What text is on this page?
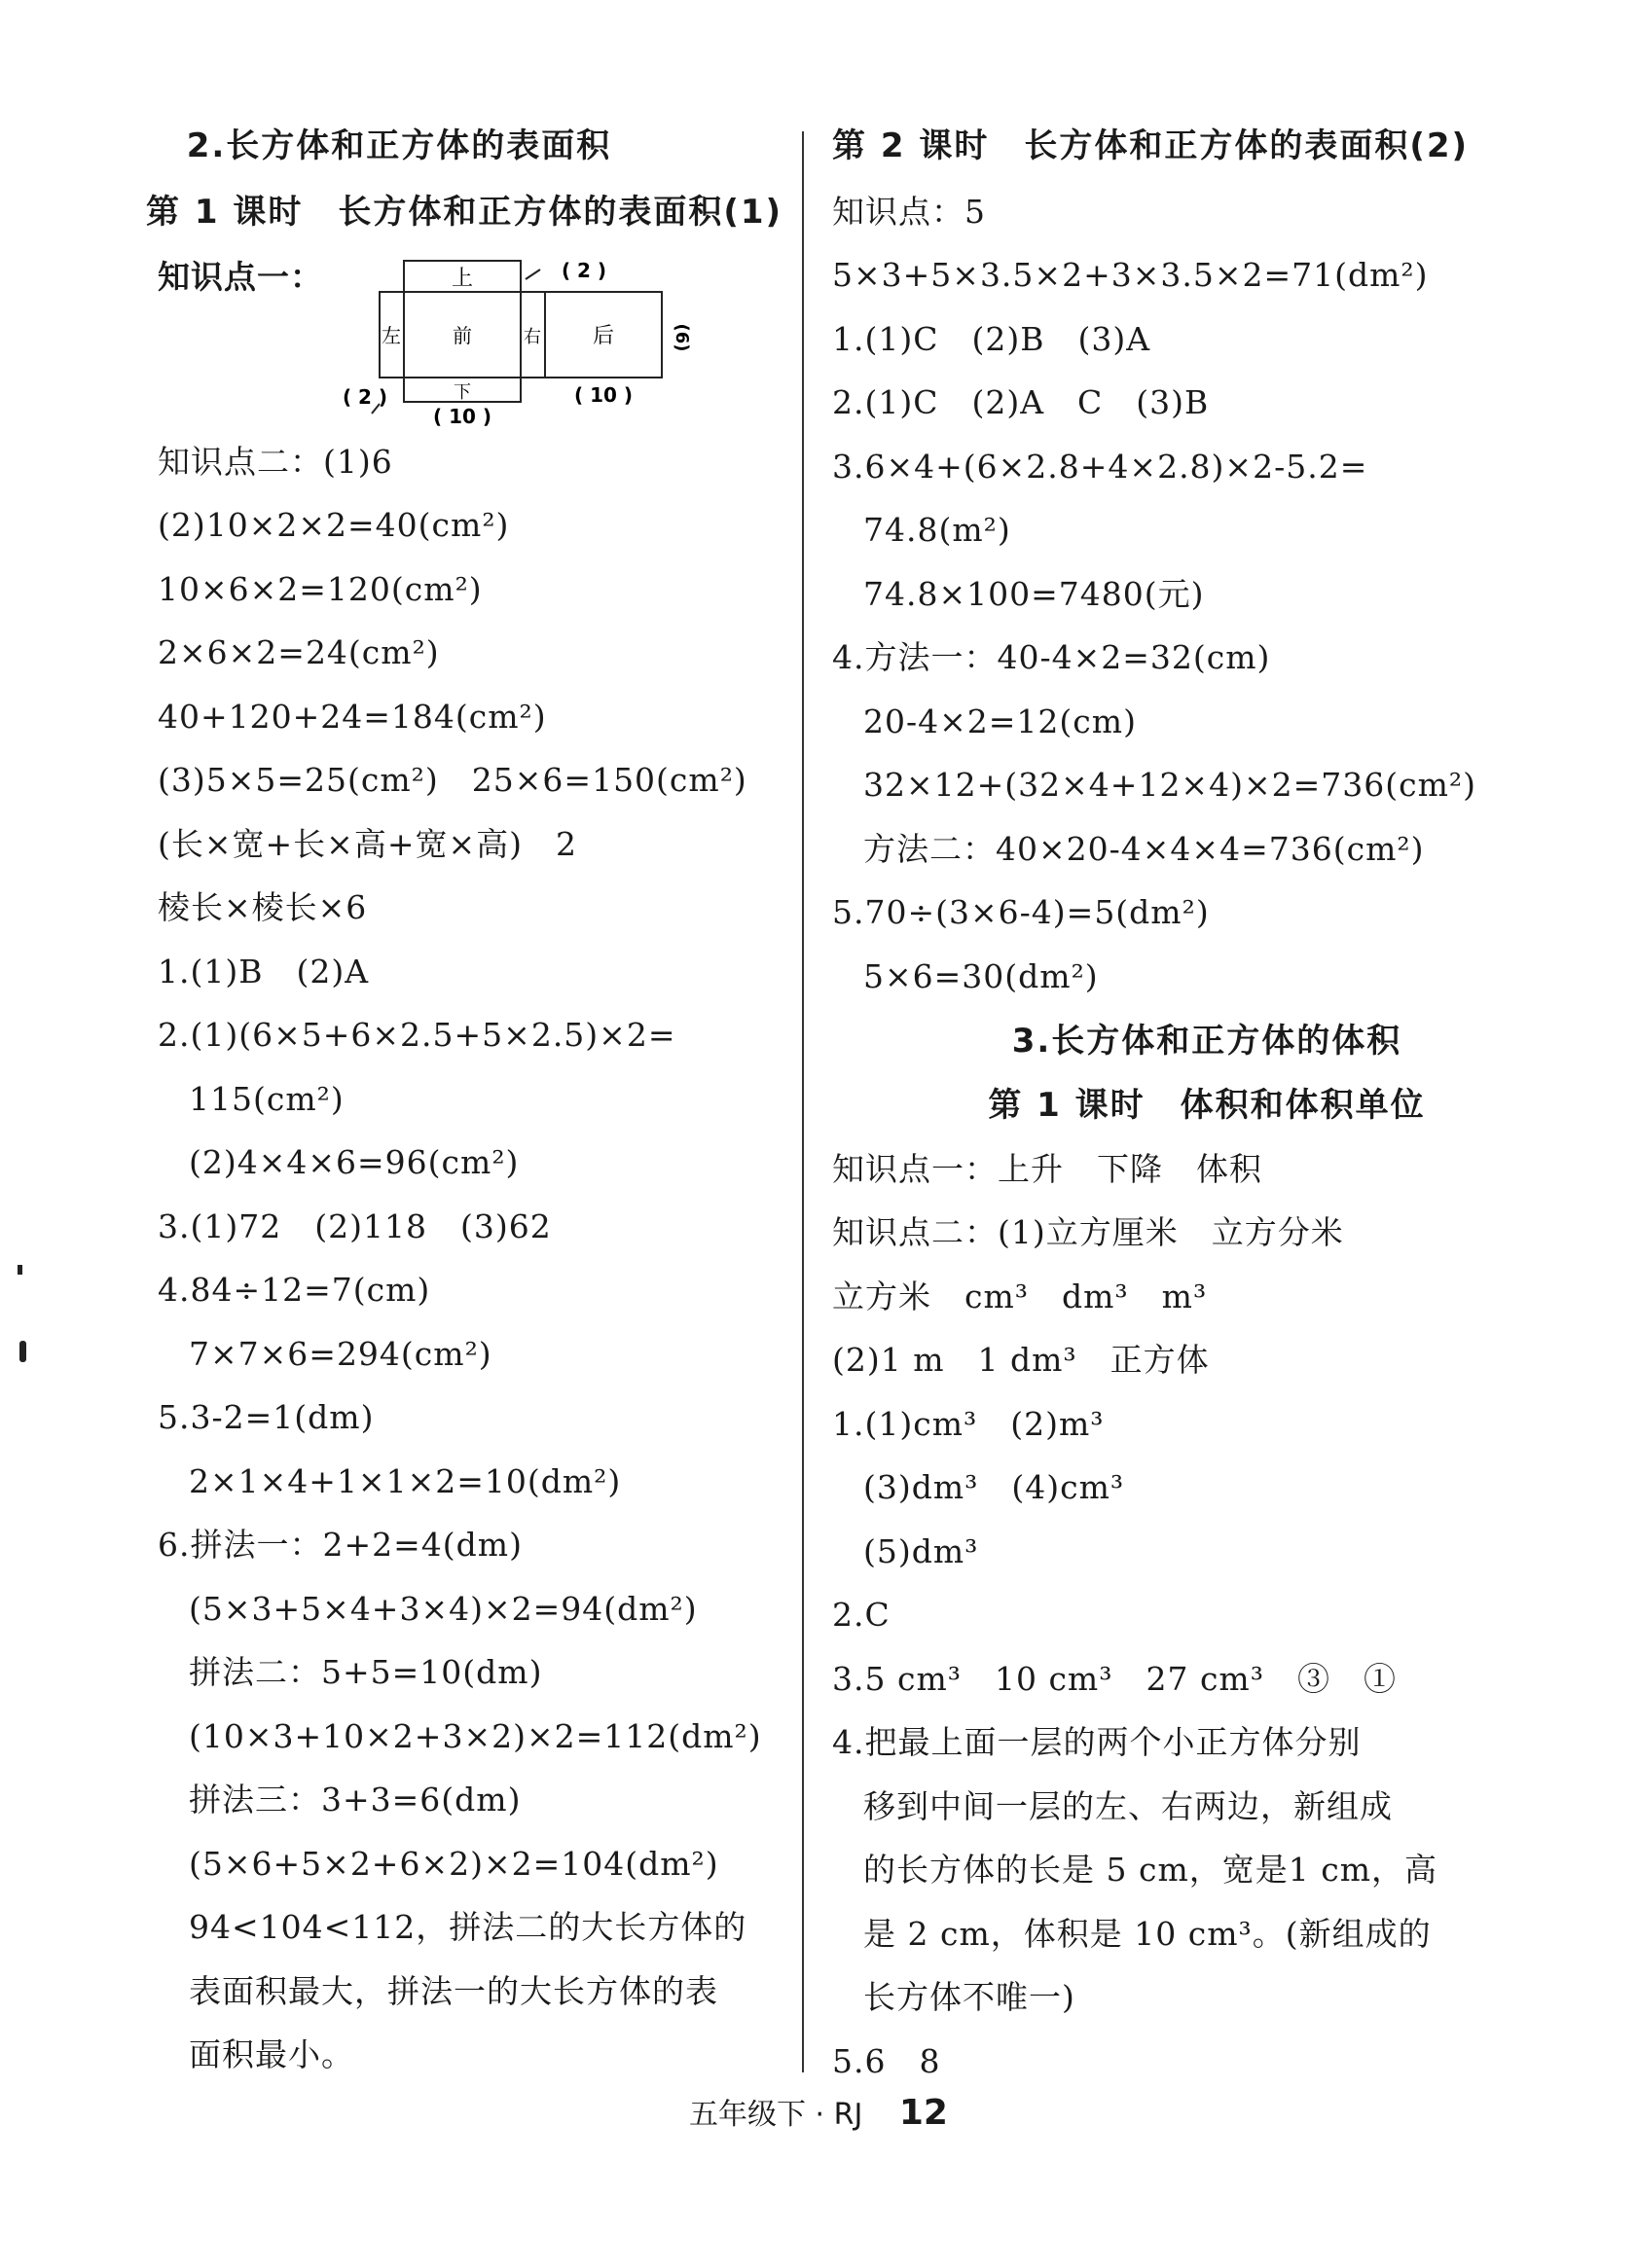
2.长方体和正方体的表面积
第 1 课时　长方体和正方体的表面积(1)
知识点一：	上
左	前	右 后
下
( 2 )
(6)
( 2 )
( 10 )
( 10 )
知识点二：(1)6
(2)10×2×2=40(cm²)
10×6×2=120(cm²)
2×6×2=24(cm²)
40+120+24=184(cm²)
(3)5×5=25(cm²)　25×6=150(cm²)
(长×宽+长×高+宽×高)　2
棱长×棱长×6
1.(1)B　(2)A
2.(1)(6×5+6×2.5+5×2.5)×2=
115(cm²)
(2)4×4×6=96(cm²)
3.(1)72　(2)118　(3)62
4.84÷12=7(cm)
7×7×6=294(cm²)
5.3-2=1(dm)
2×1×4+1×1×2=10(dm²)
6.拼法一：2+2=4(dm)
(5×3+5×4+3×4)×2=94(dm²)
拼法二：5+5=10(dm)
(10×3+10×2+3×2)×2=112(dm²)
拼法三：3+3=6(dm)
(5×6+5×2+6×2)×2=104(dm²)
94<104<112，拼法二的大长方体的
表面积最大，拼法一的大长方体的表
面积最小。
第 2 课时　长方体和正方体的表面积(2)
知识点：5
5×3+5×3.5×2+3×3.5×2=71(dm²)
1.(1)C　(2)B　(3)A
2.(1)C　(2)A　C　(3)B
3.6×4+(6×2.8+4×2.8)×2-5.2=
74.8(m²)
74.8×100=7480(元)
4.方法一：40-4×2=32(cm)
20-4×2=12(cm)
32×12+(32×4+12×4)×2=736(cm²)
方法二：40×20-4×4×4=736(cm²)
5.70÷(3×6-4)=5(dm²)
5×6=30(dm²)
3.长方体和正方体的体积
第 1 课时　体积和体积单位
知识点一：上升　下降　体积
知识点二：(1)立方厘米　立方分米
立方米　cm³　dm³　m³
(2)1 m　1 dm³　正方体
1.(1)cm³　(2)m³
(3)dm³　(4)cm³
(5)dm³
2.C
3.5 cm³　10 cm³　27 cm³　③　①
4.把最上面一层的两个小正方体分别
移到中间一层的左、右两边，新组成
的长方体的长是 5 cm，宽是1 cm，高
是 2 cm，体积是 10 cm³。(新组成的
长方体不唯一)
5.6　8
五年级下 · RJ 12
